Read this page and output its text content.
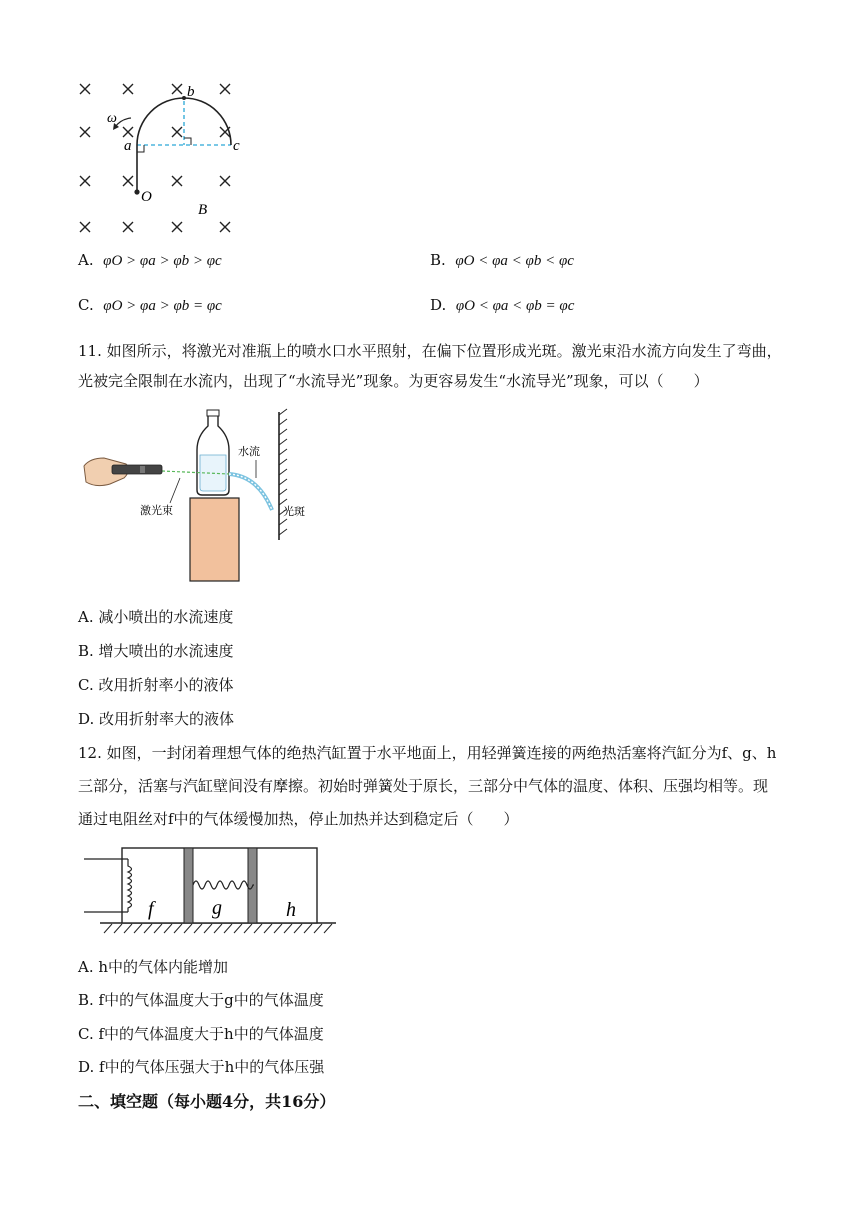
ω
a
b
c
O
B
A. φO > φa > φb > φc	B. φO < φa < φb < φc
C. φO > φa > φb = φc	D. φO < φa < φb = φc
11. 如图所示，将激光对准瓶上的喷水口水平照射，在偏下位置形成光斑。激光束沿水流方向发生了弯曲，
光被完全限制在水流内，出现了“水流导光”现象。为更容易发生“水流导光”现象，可以（　　）
水流
激光束	光斑
A. 减小喷出的水流速度
B. 增大喷出的水流速度
C. 改用折射率小的液体
D. 改用折射率大的液体
12. 如图，一封闭着理想气体的绝热汽缸置于水平地面上，用轻弹簧连接的两绝热活塞将汽缸分为f、g、h
三部分，活塞与汽缸壁间没有摩擦。初始时弹簧处于原长，三部分中气体的温度、体积、压强均相等。现
通过电阻丝对f中的气体缓慢加热，停止加热并达到稳定后（　　）
f	g	h
A. h中的气体内能增加
B. f中的气体温度大于g中的气体温度
C. f中的气体温度大于h中的气体温度
D. f中的气体压强大于h中的气体压强
二、填空题（每小题4分，共16分）
